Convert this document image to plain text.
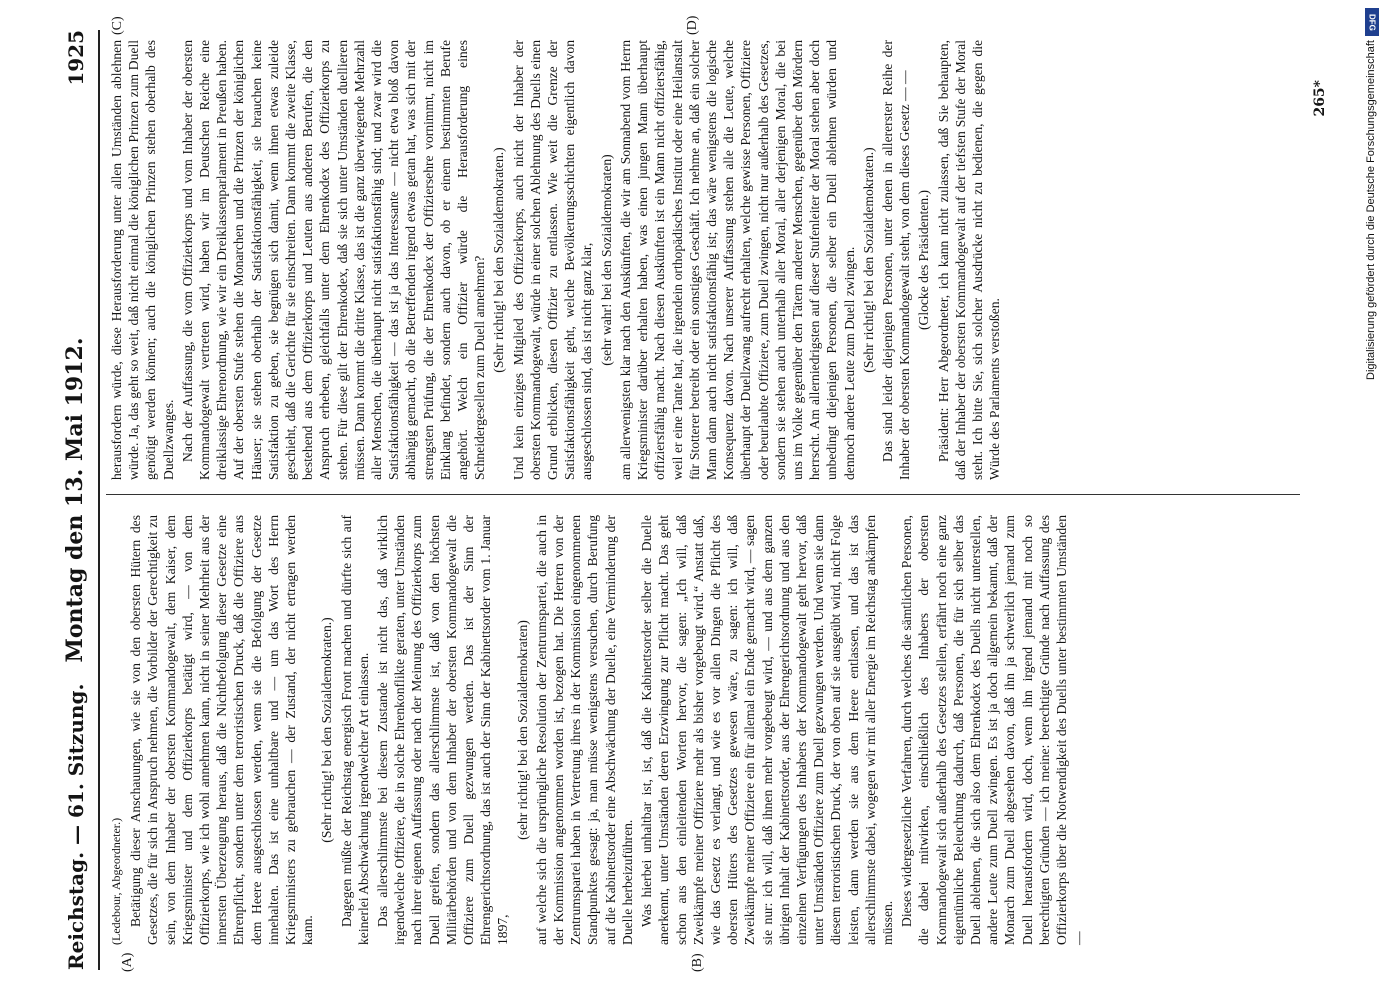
Reichstag. — 61. Sitzung.
Montag den 13. Mai 1912.
1925
(A)	(B)
(C)	(D)

(Ledebour, Abgeordneter.) Betätigung dieser Anschauungen, wie sie von den obersten Hütern des Gesetzes, die für sich in Anspruch nehmen, die Vorbilder der Gerechtigkeit zu sein, von dem Inhaber der obersten Kommandogewalt, dem Kaiser, dem Kriegsminister und dem Offizierkorps betätigt wird, — von dem Offizierkorps, wie ich wohl annehmen kann, nicht in seiner Mehrheit aus der innersten Überzeugung heraus, daß die Nichtbefolgung dieser Gesetze eine Ehrenpflicht, sondern unter dem terroristischen Druck, daß die Offiziere aus dem Heere ausgeschlossen werden, wenn sie die Befolgung der Gesetze innehalten. Das ist eine unhaltbare und — um das Wort des Herrn Kriegsministers zu gebrauchen — der Zustand, der nicht ertragen werden kann.

(Sehr richtig! bei den Sozialdemokraten.) Dagegen müßte der Reichstag energisch Front machen und dürfte sich auf keinerlei Abschwächung irgendwelcher Art einlassen. Das allerschlimmste bei diesem Zustande ist nicht das, daß wirklich irgendwelche Offiziere, die in solche Ehrenkonflikte geraten, unter Umständen nach ihrer eigenen Auffassung oder nach der Meinung des Offizierkorps zum Duell greifen, sondern das allerschlimmste ist, daß von den höchsten Militärbehörden und von dem Inhaber der obersten Kommandogewalt die Offiziere zum Duell gezwungen werden. Das ist der Sinn der Ehrengerichtsordnung, das ist auch der Sinn der Kabinettsorder vom 1. Januar 1897,

(sehr richtig! bei den Sozialdemokraten) auf welche sich die ursprüngliche Resolution der Zentrumspartei, die auch in der Kommission angenommen worden ist, bezogen hat. Die Herren von der Zentrumspartei haben in Vertretung ihres in der Kommission eingenommenen Standpunktes gesagt: ja, man müsse wenigstens versuchen, durch Berufung auf die Kabinettsorder eine Abschwächung der Duelle, eine Verminderung der Duelle herbeizuführen. Was hierbei unhaltbar ist, ist, daß die Kabinettsorder selber die Duelle anerkennt, unter Umständen deren Erzwingung zur Pflicht macht. Das geht schon aus den einleitenden Worten hervor, die sagen: „Ich will, daß Zweikämpfe meiner Offiziere mehr als bisher vorgebeugt wird.“ Anstatt daß, wie das Gesetz es verlangt, und wie es vor allen Dingen die Pflicht des obersten Hüters des Gesetzes gewesen wäre, zu sagen: ich will, daß Zweikämpfe meiner Offiziere ein für allemal ein Ende gemacht wird, — sagen sie nur: ich will, daß ihnen mehr vorgebeugt wird, — und aus dem ganzen übrigen Inhalt der Kabinettsorder, aus der Ehrengerichtsordnung und aus den einzelnen Verfügungen des Inhabers der Kommandogewalt geht hervor, daß unter Umständen Offiziere zum Duell gezwungen werden. Und wenn sie dann diesem terroristischen Druck, der von oben auf sie ausgeübt wird, nicht Folge leisten, dann werden sie aus dem Heere entlassen, und das ist das allerschlimmste dabei, wogegen wir mit aller Energie im Reichstag ankämpfen müssen. Dieses widergesetzliche Verfahren, durch welches die sämtlichen Personen, die dabei mitwirken, einschließlich des Inhabers der obersten Kommandogewalt sich außerhalb des Gesetzes stellen, erfährt noch eine ganz eigentümliche Beleuchtung dadurch, daß Personen, die für sich selber das Duell ablehnen, die sich also dem Ehrenkodex des Duells nicht unterstellen, andere Leute zum Duell zwingen. Es ist ja doch allgemein bekannt, daß der Monarch zum Duell abgesehen davon, daß ihn ja schwerlich jemand zum Duell herausfordern wird, doch, wenn ihn irgend jemand mit noch so berechtigten Gründen — ich meine: berechtigte Gründe nach Auffassung des Offizierkorps über die Notwendigkeit des Duells unter bestimmten Umständen —

herausfordern würde, diese Herausforderung unter allen Umständen ablehnen würde. Ja, das geht so weit, daß nicht einmal die königlichen Prinzen zum Duell genötigt werden können; auch die königlichen Prinzen stehen oberhalb des Duellzwanges. Nach der Auffassung, die vom Offizierkorps und vom Inhaber der obersten Kommandogewalt vertreten wird, haben wir im Deutschen Reiche eine dreiklassige Ehrenordnung, wie wir ein Dreiklassenparlament in Preußen haben. Auf der obersten Stufe stehen die Monarchen und die Prinzen der königlichen Häuser; sie stehen oberhalb der Satisfaktionsfähigkeit, sie brauchen keine Satisfaktion zu geben, sie begnügen sich damit, wenn ihnen etwas zuleide geschieht, daß die Gerichte für sie einschreiten. Dann kommt die zweite Klasse, bestehend aus dem Offizierkorps und Leuten aus anderen Berufen, die den Anspruch erheben, gleichfalls unter dem Ehrenkodex des Offizierkorps zu stehen. Für diese gilt der Ehrenkodex, daß sie sich unter Umständen duellieren müssen. Dann kommt die dritte Klasse, das ist die ganz überwiegende Mehrzahl aller Menschen, die überhaupt nicht satisfaktionsfähig sind; und zwar wird die Satisfaktionsfähigkeit — das ist ja das Interessante — nicht etwa bloß davon abhängig gemacht, ob die Betreffenden irgend etwas getan hat, was sich mit der strengsten Prüfung, die der Ehrenkodex der Offiziersehre vornimmt, nicht im Einklang befindet, sondern auch davon, ob er einem bestimmten Berufe angehört. Welch ein Offizier würde die Herausforderung eines Schneidergesellen zum Duell annehmen? (Sehr richtig! bei den Sozialdemokraten.) Und kein einziges Mitglied des Offizierkorps, auch nicht der Inhaber der obersten Kommandogewalt, würde in einer solchen Ablehnung des Duells einen Grund erblicken, diesen Offizier zu entlassen. Wie weit die Grenze der Satisfaktionsfähigkeit geht, welche Bevölkerungsschichten eigentlich davon ausgeschlossen sind, das ist nicht ganz klar, (sehr wahr! bei den Sozialdemokraten) am allerwenigsten klar nach den Auskünften, die wir am Sonnabend vom Herrn Kriegsminister darüber erhalten haben, was einen jungen Mann überhaupt offiziersfähig macht. Nach diesen Auskünften ist ein Mann nicht offiziersfähig, weil er eine Tante hat, die irgendein orthopädisches Institut oder eine Heilanstalt für Stotterer betreibt oder ein sonstiges Geschäft. Ich nehme an, daß ein solcher Mann dann auch nicht satisfaktionsfähig ist; das wäre wenigstens die logische Konsequenz davon. Nach unserer Auffassung stehen alle die Leute, welche überhaupt der Duellzwang aufrecht erhalten, welche gewisse Personen, Offiziere oder beurlaubte Offiziere, zum Duell zwingen, nicht nur außerhalb des Gesetzes, sondern sie stehen auch unterhalb aller Moral, aller derjenigen Moral, die bei uns im Volke gegenüber den Tätern anderer Menschen, gegenüber den Mördern herrscht. Am allerniedrigsten auf dieser Stufenleiter der Moral stehen aber doch unbedingt diejenigen Personen, die selber ein Duell ablehnen würden und dennoch andere Leute zum Duell zwingen. (Sehr richtig! bei den Sozialdemokraten.) Das sind leider diejenigen Personen, unter denen in allererster Reihe der Inhaber der obersten Kommandogewalt steht, von dem dieses Gesetz — — (Glocke des Präsidenten.) Präsident: Herr Abgeordneter, ich kann nicht zulassen, daß Sie behaupten, daß der Inhaber der obersten Kommandogewalt auf der tiefsten Stufe der Moral steht. Ich bitte Sie, sich solcher Ausdrücke nicht zu bedienen, die gegen die Würde des Parlaments verstoßen.

265*
DFG
Digitalisierung gefördert durch die Deutsche Forschungsgemeinschaft
